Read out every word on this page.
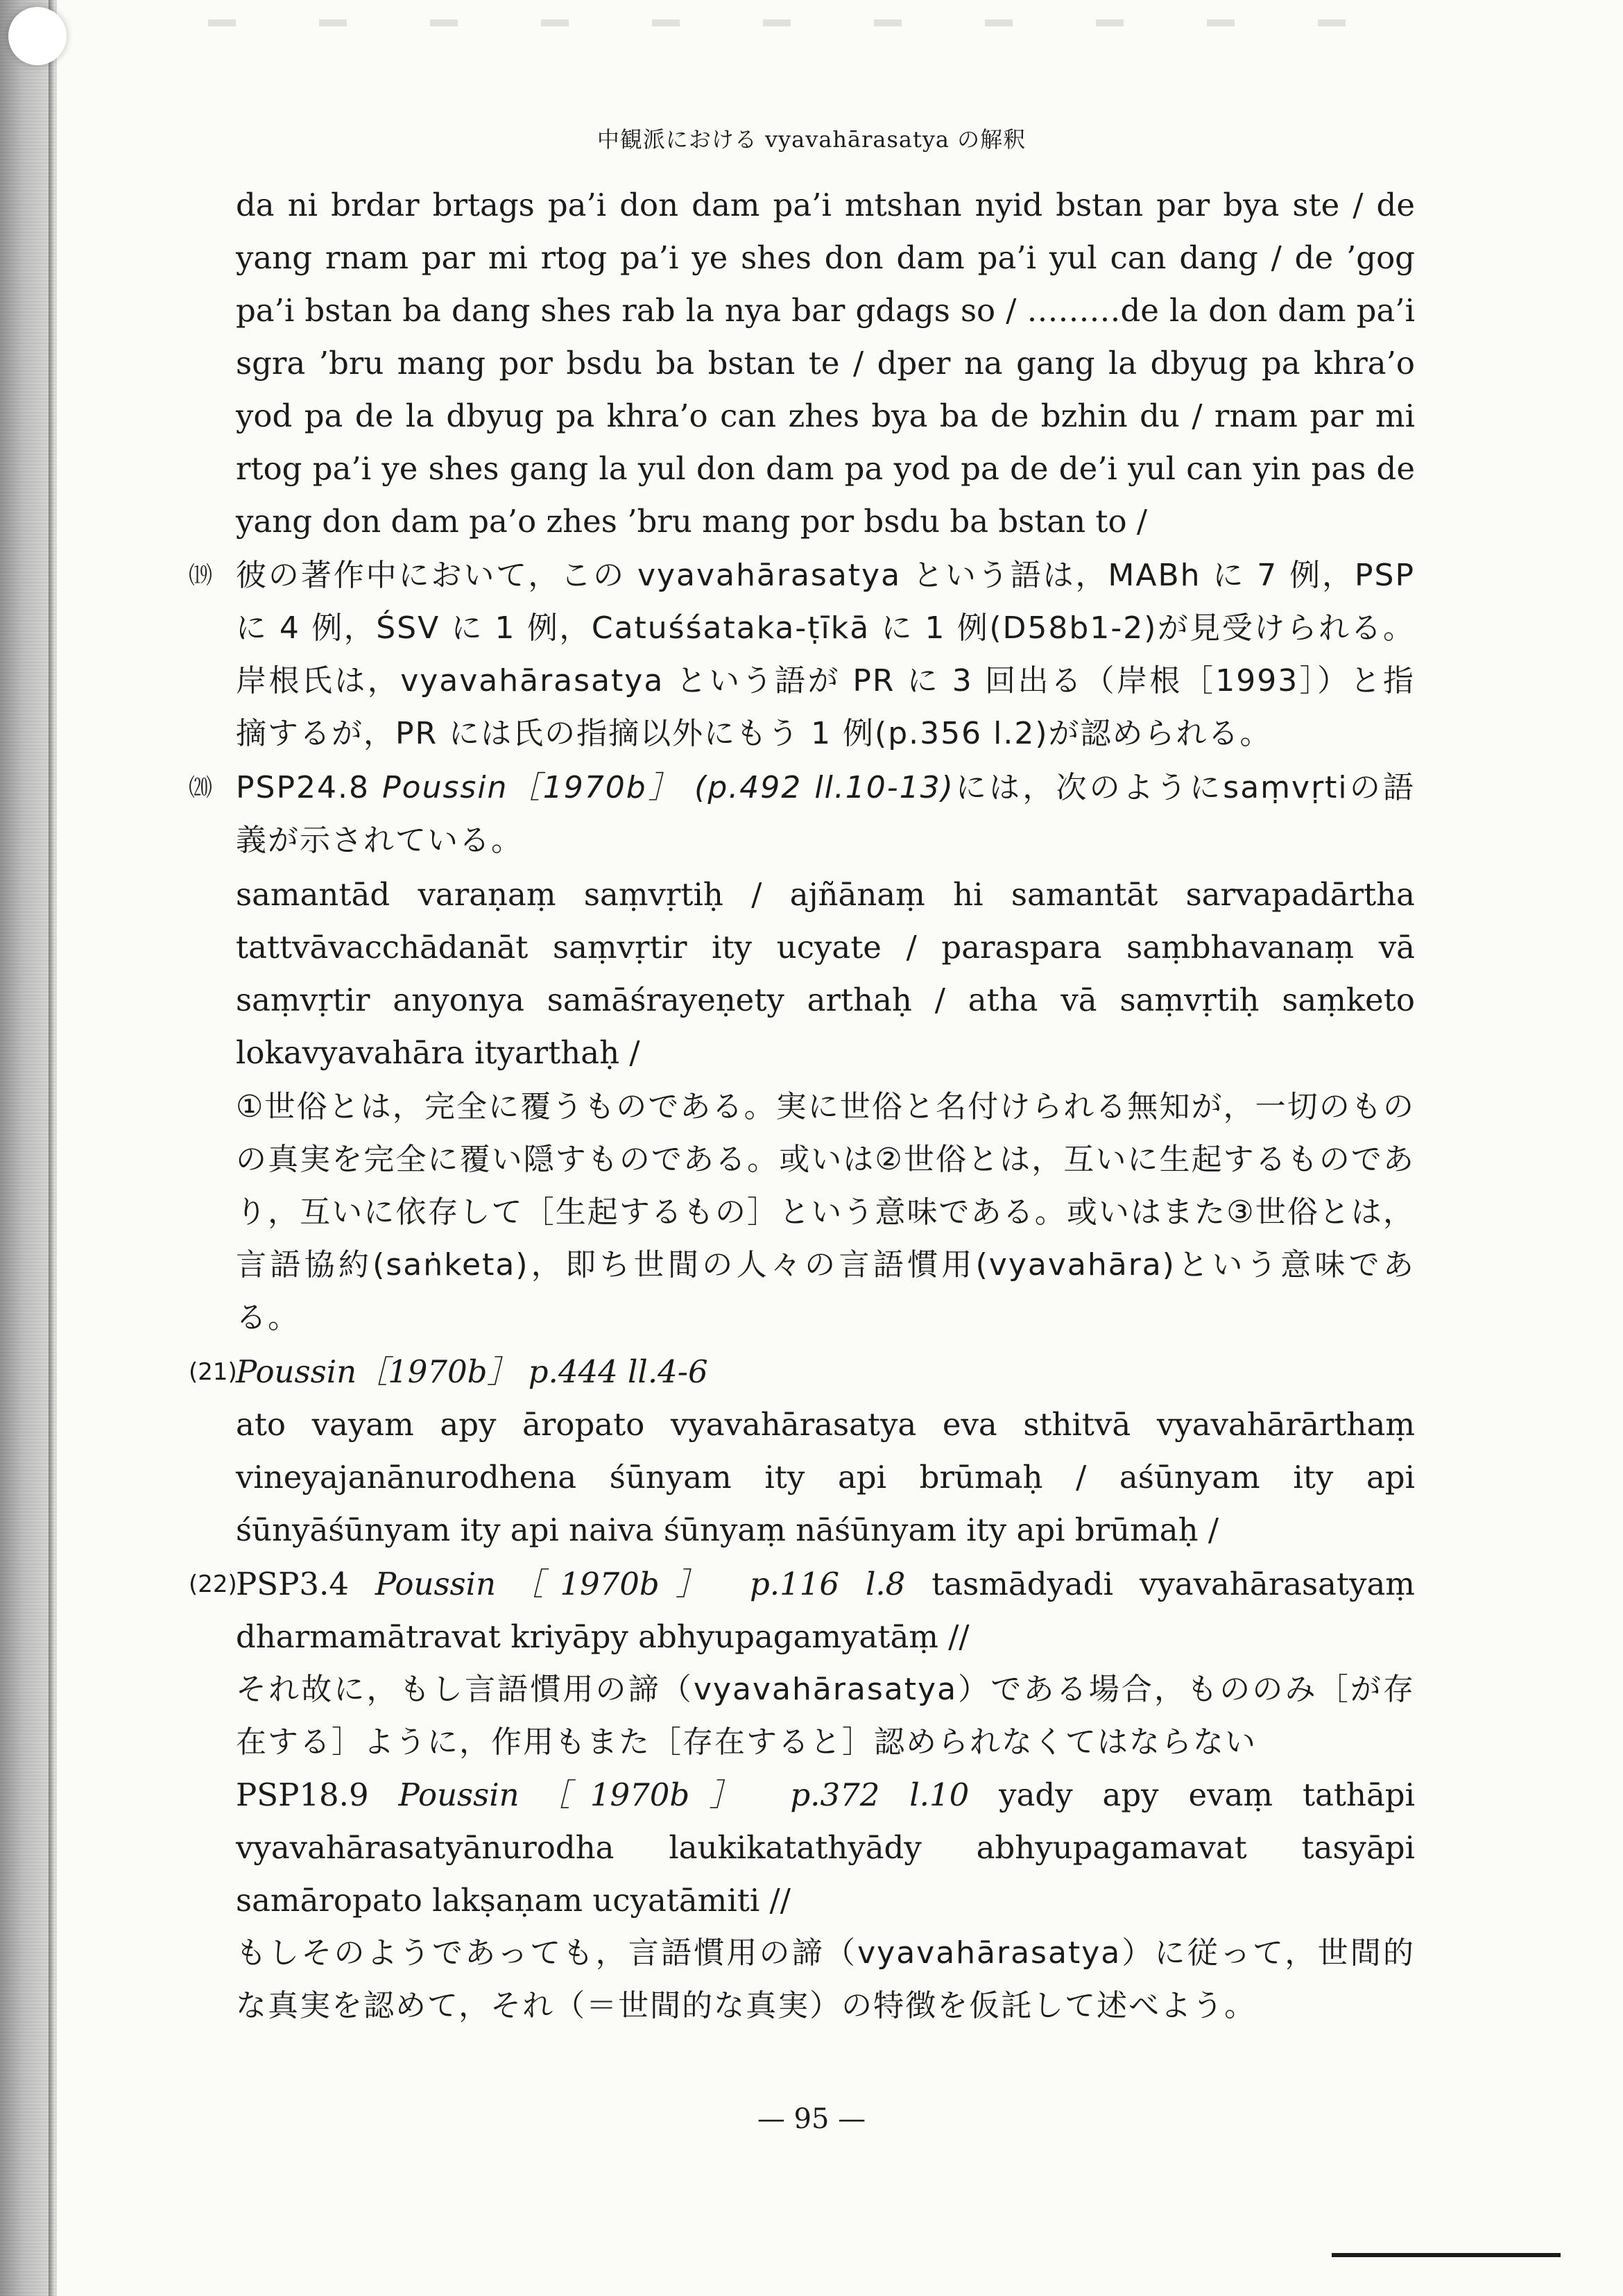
中観派における vyavahārasatya の解釈
da ni brdar brtags pa’i don dam pa’i mtshan nyid bstan par bya ste / de yang rnam par mi rtog pa’i ye shes don dam pa’i yul can dang / de ’gog pa’i bstan ba dang shes rab la nya bar gdags so / ………de la don dam pa’i sgra ’bru mang por bsdu ba bstan te / dper na gang la dbyug pa khra’o yod pa de la dbyug pa khra’o can zhes bya ba de bzhin du / rnam par mi rtog pa’i ye shes gang la yul don dam pa yod pa de de’i yul can yin pas de yang don dam pa’o zhes ’bru mang por bsdu ba bstan to /
⒆ 彼の著作中において，この vyavahārasatya という語は，MABh に 7 例，PSP に 4 例，ŚSV に 1 例，Catuśśataka-ṭīkā に 1 例(D58b1-2)が見受けられる。岸根氏は，vyavahārasatya という語が PR に 3 回出る（岸根［1993］）と指摘するが，PR には氏の指摘以外にもう 1 例(p.356 l.2)が認められる。
⒇ PSP24.8 Poussin［1970b］ (p.492 ll.10-13)には，次のようにsaṃvṛtiの語義が示されている。
samantād varaṇaṃ saṃvṛtiḥ / ajñānaṃ hi samantāt sarvapadārtha tattvāvacchādanāt saṃvṛtir ity ucyate / paraspara saṃbhavanaṃ vā saṃvṛtir anyonya samāśrayeṇety arthaḥ / atha vā saṃvṛtiḥ saṃketo lokavyavahāra ityarthaḥ /
①世俗とは，完全に覆うものである。実に世俗と名付けられる無知が，一切のものの真実を完全に覆い隠すものである。或いは②世俗とは，互いに生起するものであり，互いに依存して［生起するもの］という意味である。或いはまた③世俗とは，言語協約(saṅketa)，即ち世間の人々の言語慣用(vyavahāra)という意味である。
(21)
Poussin［1970b］ p.444 ll.4-6
ato vayam apy āropato vyavahārasatya eva sthitvā vyavahārārthaṃ vineyajanānurodhena śūnyam ity api brūmaḥ / aśūnyam ity api śūnyāśūnyam ity api naiva śūnyaṃ nāśūnyam ity api brūmaḥ /
(22)
PSP3.4 Poussin［1970b］ p.116 l.8 tasmādyadi vyavahārasatyaṃ dharmamātravat kriyāpy abhyupagamyatāṃ //
それ故に，もし言語慣用の諦（vyavahārasatya）である場合，もののみ［が存在する］ように，作用もまた［存在すると］認められなくてはならない
PSP18.9 Poussin［1970b］ p.372 l.10 yady apy evaṃ tathāpi vyavahārasatyānurodha laukikatathyādy abhyupagamavat tasyāpi samāropato lakṣaṇam ucyatāmiti //
もしそのようであっても，言語慣用の諦（vyavahārasatya）に従って，世間的な真実を認めて，それ（＝世間的な真実）の特徴を仮託して述べよう。
— 95 —
